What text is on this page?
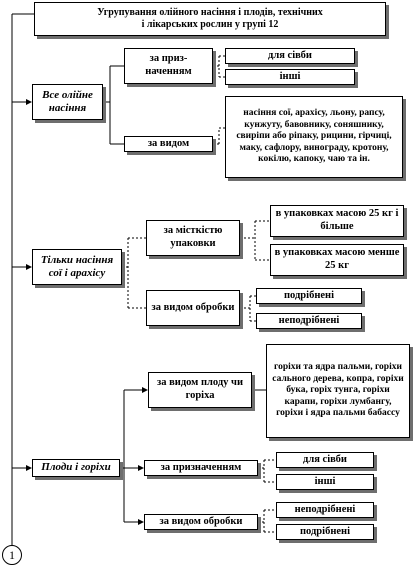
Угрупування олійного насіння і плодів, технічних
і лікарських рослин у групі 12
Все олійне насіння
за приз-
наченням
для сівби
інші
за видом
насіння сої, арахісу, льону, рапсу, кунжуту, бавовнику, соняшнику, свиріпи або ріпаку, рицини, гірчиці, маку, сафлору, винограду, кротону, кокілю, капоку, чаю та ін.
Тільки насіння сої і арахісу
за місткістю упаковки
в упаковках масою 25 кг і більше
в упаковках масою менше 25 кг
за видом обробки
подрібнені
неподрібнені
Плоди і горіхи
за видом плоду чи горіха
горіхи та ядра пальми, горіхи сального дерева, копра, горіхи бука, горіх тунга, горіхи карапи, горіхи лумбангу, горіхи і ядра пальми бабассу
за призначенням
для сівби
інші
за видом обробки
неподрібнені
подрібнені
1
